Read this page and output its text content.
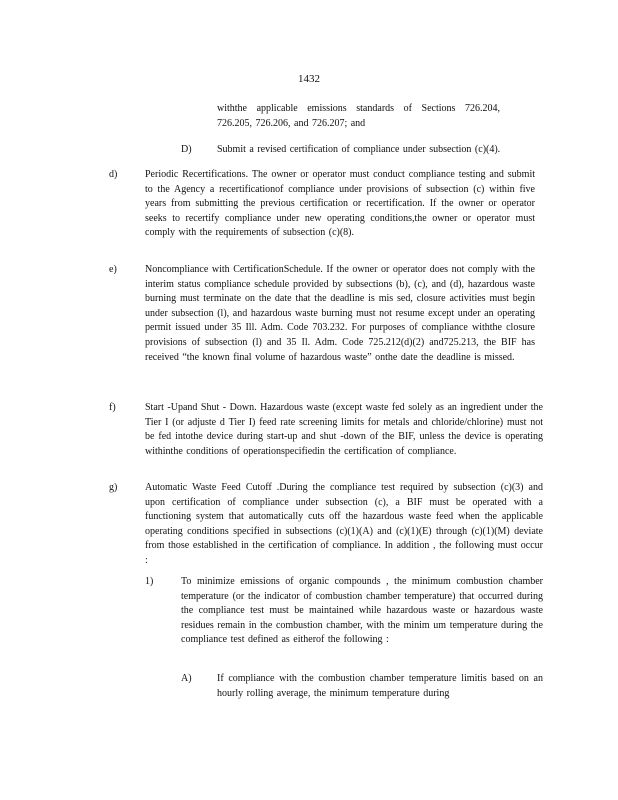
1432
withthe applicable emissions standards of Sections 726.204, 726.205, 726.206, and 726.207; and
D)	Submit a revised certification of compliance under subsection (c)(4).
d)	Periodic Recertifications. The owner or operator must conduct compliance testing and submit to the Agency a recertificationof compliance under provisions of subsection (c) within five years from submitting the previous certification or recertification. If the owner or operator seeks to recertify compliance under new operating conditions,the owner or operator must comply with the requirements of subsection (c)(8).
e)	Noncompliance with CertificationSchedule. If the owner or operator does not comply with the interim status compliance schedule provided by subsections (b), (c), and (d), hazardous waste burning must terminate on the date that the deadline is mis sed, closure activities must begin under subsection (l), and hazardous waste burning must not resume except under an operating permit issued under 35 Ill. Adm. Code 703.232. For purposes of compliance withthe closure provisions of subsection (l) and 35 Il. Adm. Code 725.212(d)(2) and725.213, the BIF has received “the known final volume of hazardous waste” onthe date the deadline is missed.
f)	Start -Upand Shut - Down. Hazardous waste (except waste fed solely as an ingredient under the Tier I (or adjuste d Tier I) feed rate screening limits for metals and chloride/chlorine) must not be fed intothe device during start-up and shut -down of the BIF, unless the device is operating withinthe conditions of operationspecifiedin the certification of compliance.
g)	Automatic Waste Feed Cutoff .During the compliance test required by subsection (c)(3) and upon certification of compliance under subsection (c), a BIF must be operated with a functioning system that automatically cuts off the hazardous waste feed when the applicable operating conditions specified in subsections (c)(1)(A) and (c)(1)(E) through (c)(1)(M) deviate from those established in the certification of compliance. In addition , the following must occur :
1)	To minimize emissions of organic compounds , the minimum combustion chamber temperature (or the indicator of combustion chamber temperature) that occurred during the compliance test must be maintained while hazardous waste or hazardous waste residues remain in the combustion chamber, with the minim um temperature during the compliance test defined as eitherof the following :
A)	If compliance with the combustion chamber temperature limitis based on an hourly rolling average, the minimum temperature during
